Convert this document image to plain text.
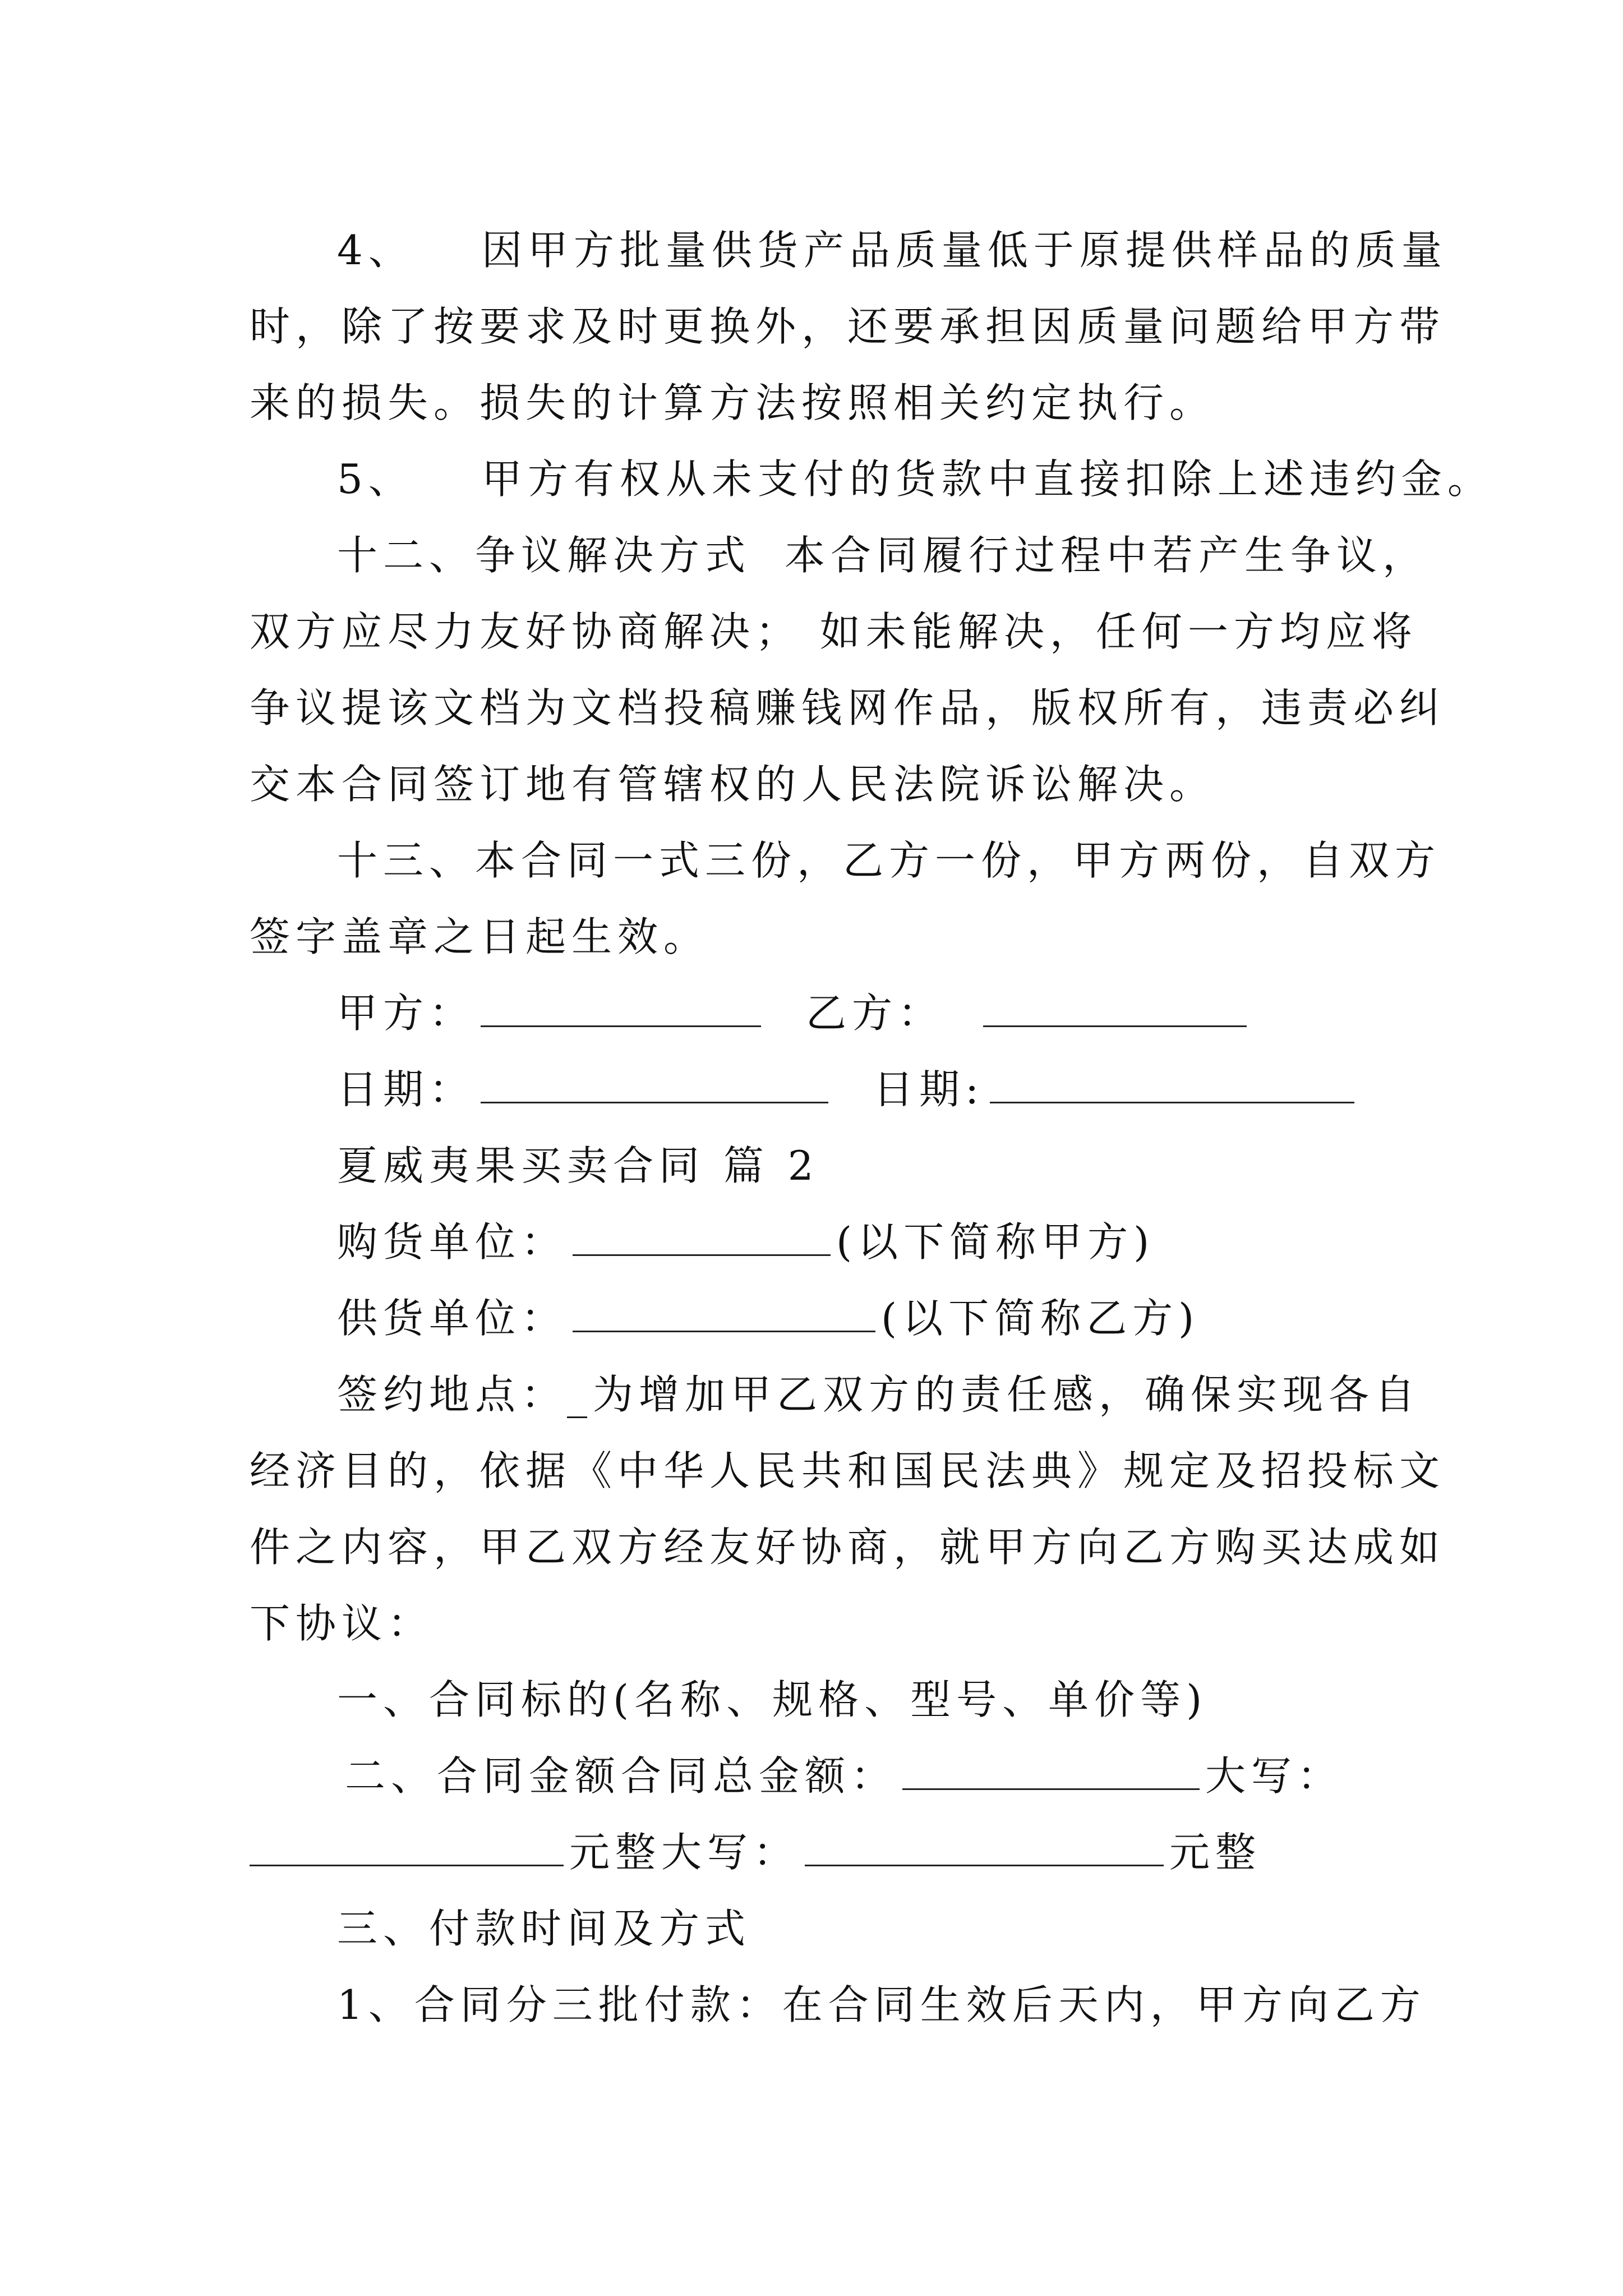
4、 因甲方批量供货产品质量低于原提供样品的质量

时，除了按要求及时更换外，还要承担因质量问题给甲方带

来的损失。损失的计算方法按照相关约定执行。

5、 甲方有权从未支付的货款中直接扣除上述违约金。

十二、争议解决方式 本合同履行过程中若产生争议，

双方应尽力友好协商解决； 如未能解决，任何一方均应将

争议提该文档为文档投稿赚钱网作品，版权所有，违责必纠

交本合同签订地有管辖权的人民法院诉讼解决。

十三、本合同一式三份，乙方一份，甲方两份，自双方

签字盖章之日起生效。

甲方：	乙方：
日期：	日期:

夏威夷果买卖合同 篇 2

购货单位：	(以下简称甲方)
供货单位：	(以下简称乙方)

签约地点：_为增加甲乙双方的责任感，确保实现各自

经济目的，依据《中华人民共和国民法典》规定及招投标文

件之内容，甲乙双方经友好协商，就甲方向乙方购买达成如

下协议：

一、合同标的(名称、规格、型号、单价等)

二、合同金额合同总金额：	大写：
元整大写：	元整

三、付款时间及方式

1、合同分三批付款：在合同生效后天内，甲方向乙方
